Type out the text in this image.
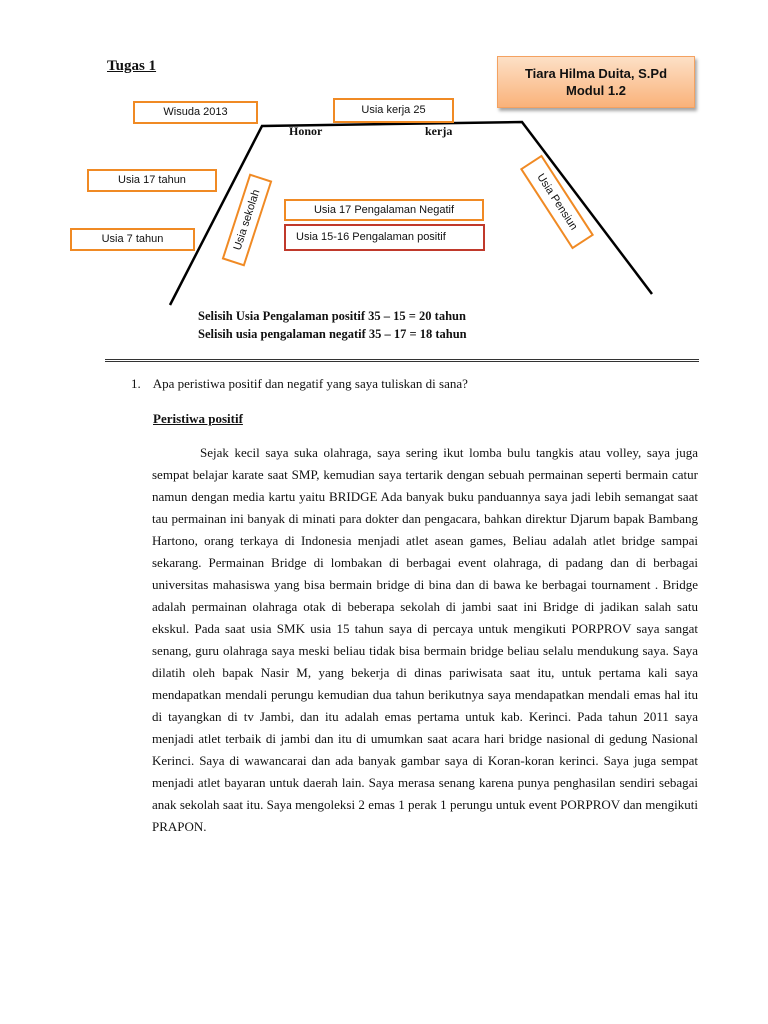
Tugas 1	Tiara Hilma Duita, S.Pd
Modul 1.2
Wisuda 2013	Usia kerja 25
Usia 17 tahun
Usia 7 tahun
Usia 17 Pengalaman Negatif
Usia 15-16 Pengalaman positif
Usia sekolah	Usia Pensiun
Honor	kerja
Selisih Usia Pengalaman positif 35 – 15 = 20 tahun
Selisih usia pengalaman negatif 35 – 17 = 18 tahun
1. Apa peristiwa positif dan negatif yang saya tuliskan di sana?
Peristiwa positif

Sejak kecil saya suka olahraga, saya sering ikut lomba bulu tangkis atau volley, saya juga sempat belajar karate saat SMP, kemudian saya tertarik dengan sebuah permainan seperti bermain catur namun dengan media kartu yaitu BRIDGE Ada banyak buku panduannya saya jadi lebih semangat saat tau permainan ini banyak di minati para dokter dan pengacara, bahkan direktur Djarum bapak Bambang Hartono, orang terkaya di Indonesia menjadi atlet asean games, Beliau adalah atlet bridge sampai sekarang. Permainan Bridge di lombakan di berbagai event olahraga, di padang dan di berbagai universitas mahasiswa yang bisa bermain bridge di bina dan di bawa ke berbagai tournament . Bridge adalah permainan olahraga otak di beberapa sekolah di jambi saat ini Bridge di jadikan salah satu ekskul. Pada saat usia SMK usia 15 tahun saya di percaya untuk mengikuti PORPROV saya sangat senang, guru olahraga saya meski beliau tidak bisa bermain bridge beliau selalu mendukung saya. Saya dilatih oleh bapak Nasir M, yang bekerja di dinas pariwisata saat itu, untuk pertama kali saya mendapatkan mendali perungu kemudian dua tahun berikutnya saya mendapatkan mendali emas hal itu di tayangkan di tv Jambi, dan itu adalah emas pertama untuk kab. Kerinci. Pada tahun 2011 saya menjadi atlet terbaik di jambi dan itu di umumkan saat acara hari bridge nasional di gedung Nasional Kerinci. Saya di wawancarai dan ada banyak gambar saya di Koran-koran kerinci. Saya juga sempat menjadi atlet bayaran untuk daerah lain. Saya merasa senang karena punya penghasilan sendiri sebagai anak sekolah saat itu. Saya mengoleksi 2 emas 1 perak 1 perungu untuk event PORPROV dan mengikuti PRAPON.
